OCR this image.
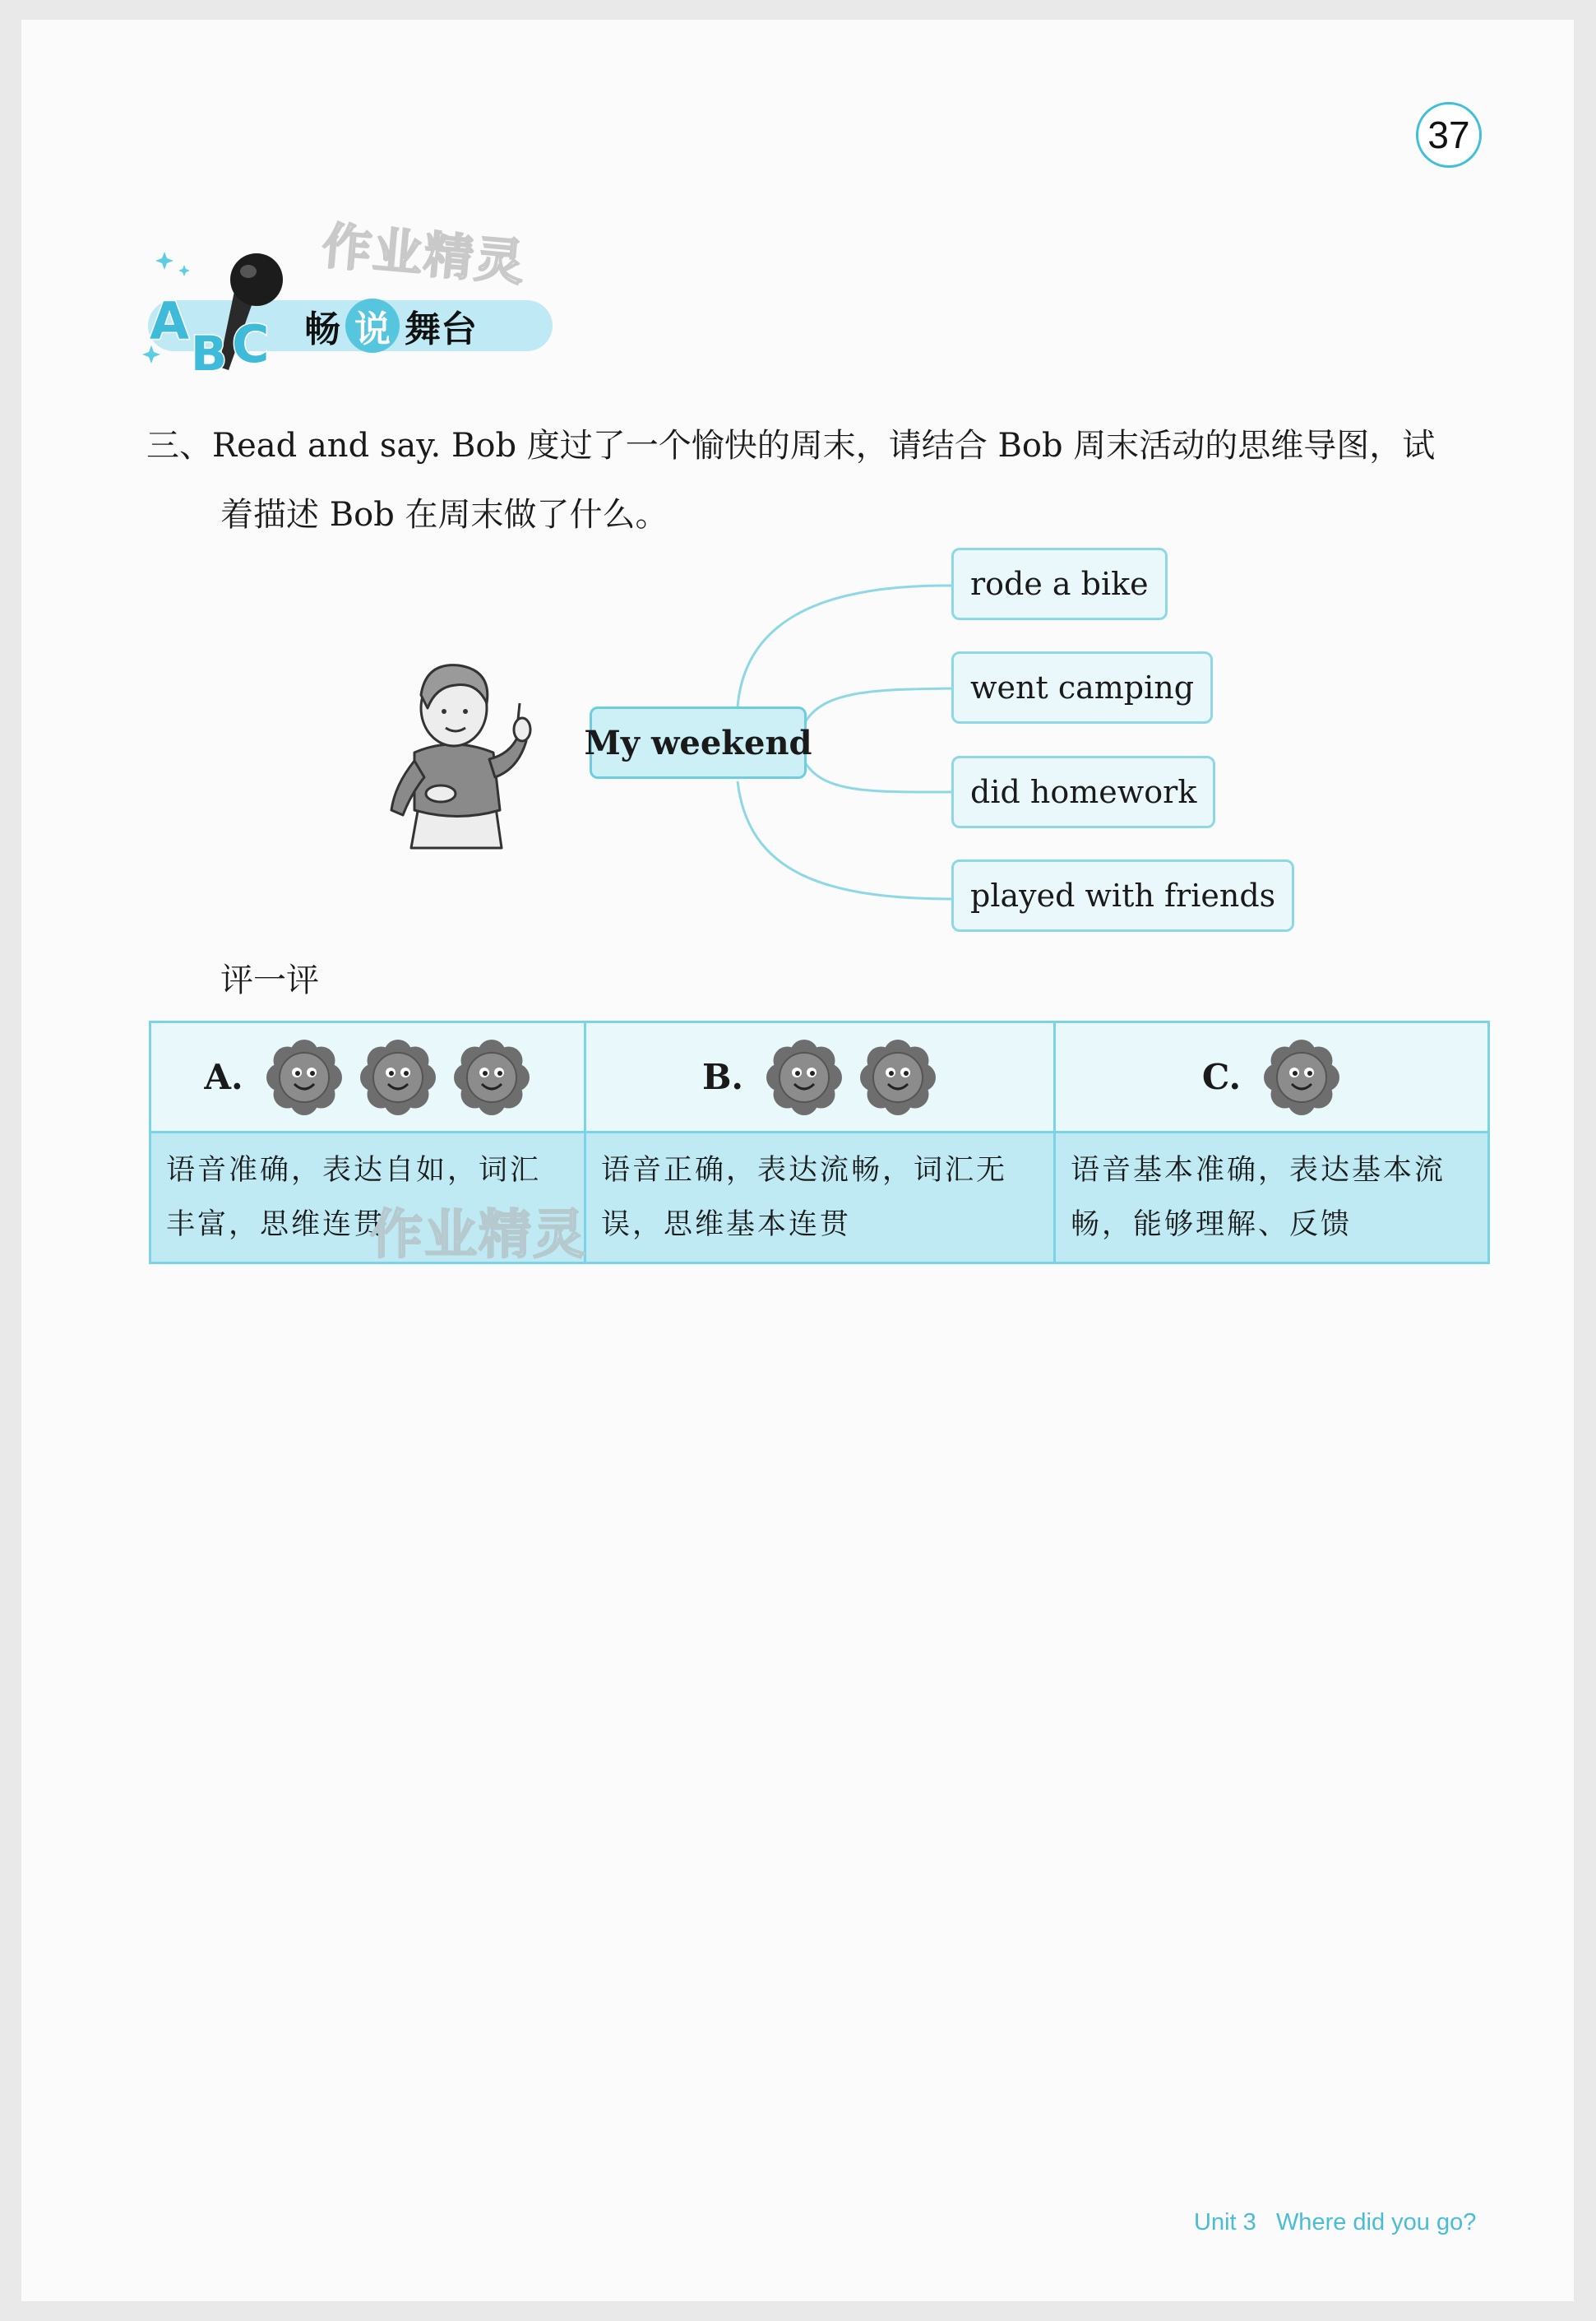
37
作业精灵
A
B C 畅 说 舞台
三、Read and say. Bob 度过了一个愉快的周末，请结合 Bob 周末活动的思维导图，试
着描述 Bob 在周末做了什么。
My weekend
rode a bike
went camping
did homework
played with friends
评一评
A.	B.	C.

语音准确，表达自如，词汇丰富，思维连贯	语音正确，表达流畅，词汇无误，思维基本连贯	语音基本准确，表达基本流畅，能够理解、反馈
作业精灵
Unit 3 Where did you go?
